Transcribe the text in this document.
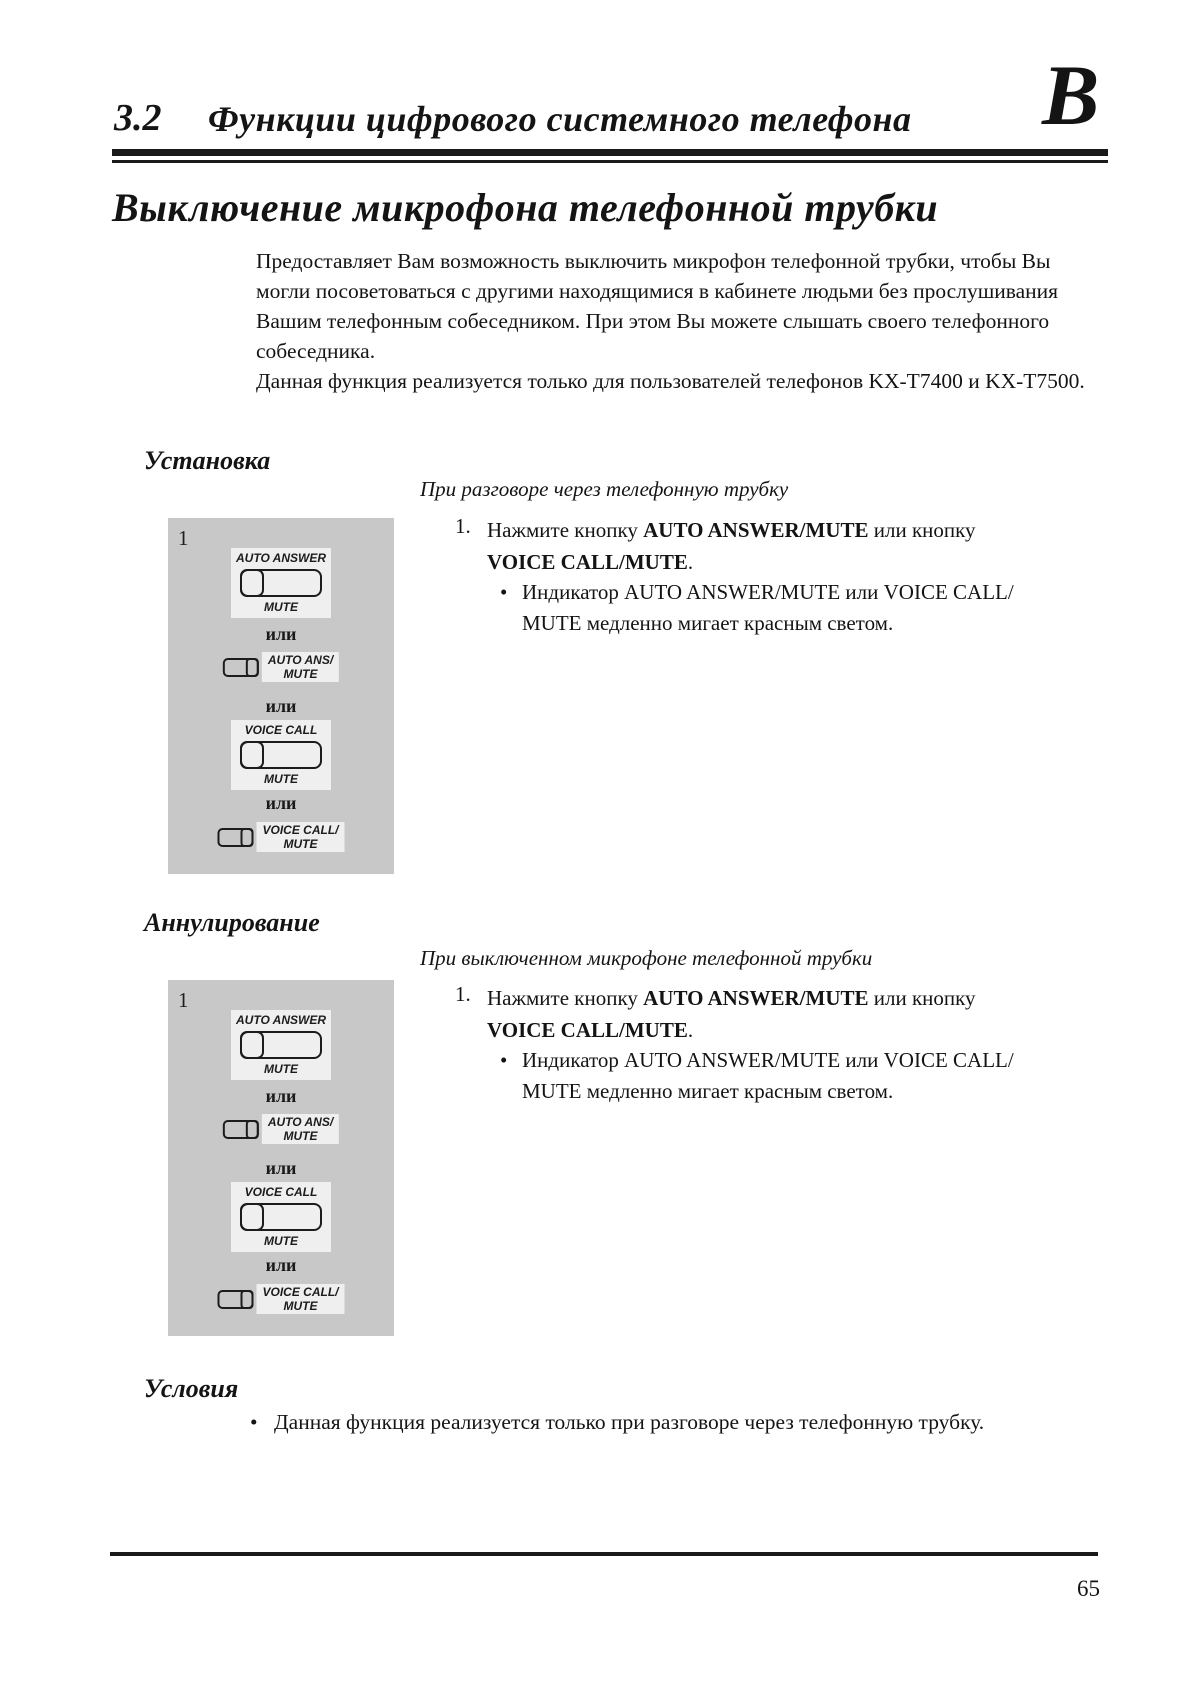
3.2 Функции цифрового системного телефона B
Выключение микрофона телефонной трубки

Предоставляет Вам возможность выключить микрофон телефонной трубки, чтобы Вы могли посоветоваться с другими находящимися в кабинете людьми без прослушивания Вашим телефонным собеседником. При этом Вы можете слышать своего телефонного собеседника.

Данная функция реализуется только для пользователей телефонов KX-T7400 и KX-T7500.

Установка
При разговоре через телефонную трубку
1. Нажмите кнопку AUTO ANSWER/MUTE или кнопку
VOICE CALL/MUTE.
• Индикатор AUTO ANSWER/MUTE или VOICE CALL/
MUTE медленно мигает красным светом.
1
AUTO ANSWER
MUTE
или
AUTO ANS/
MUTE
или
VOICE CALL
MUTE
или
VOICE CALL/
MUTE
Аннулирование
При выключенном микрофоне телефонной трубки
1. Нажмите кнопку AUTO ANSWER/MUTE или кнопку
VOICE CALL/MUTE.
• Индикатор AUTO ANSWER/MUTE или VOICE CALL/
MUTE медленно мигает красным светом.
1
AUTO ANSWER
MUTE
или
AUTO ANS/
MUTE
или
VOICE CALL
MUTE
или
VOICE CALL/
MUTE
Условия
• Данная функция реализуется только при разговоре через телефонную трубку.
65
